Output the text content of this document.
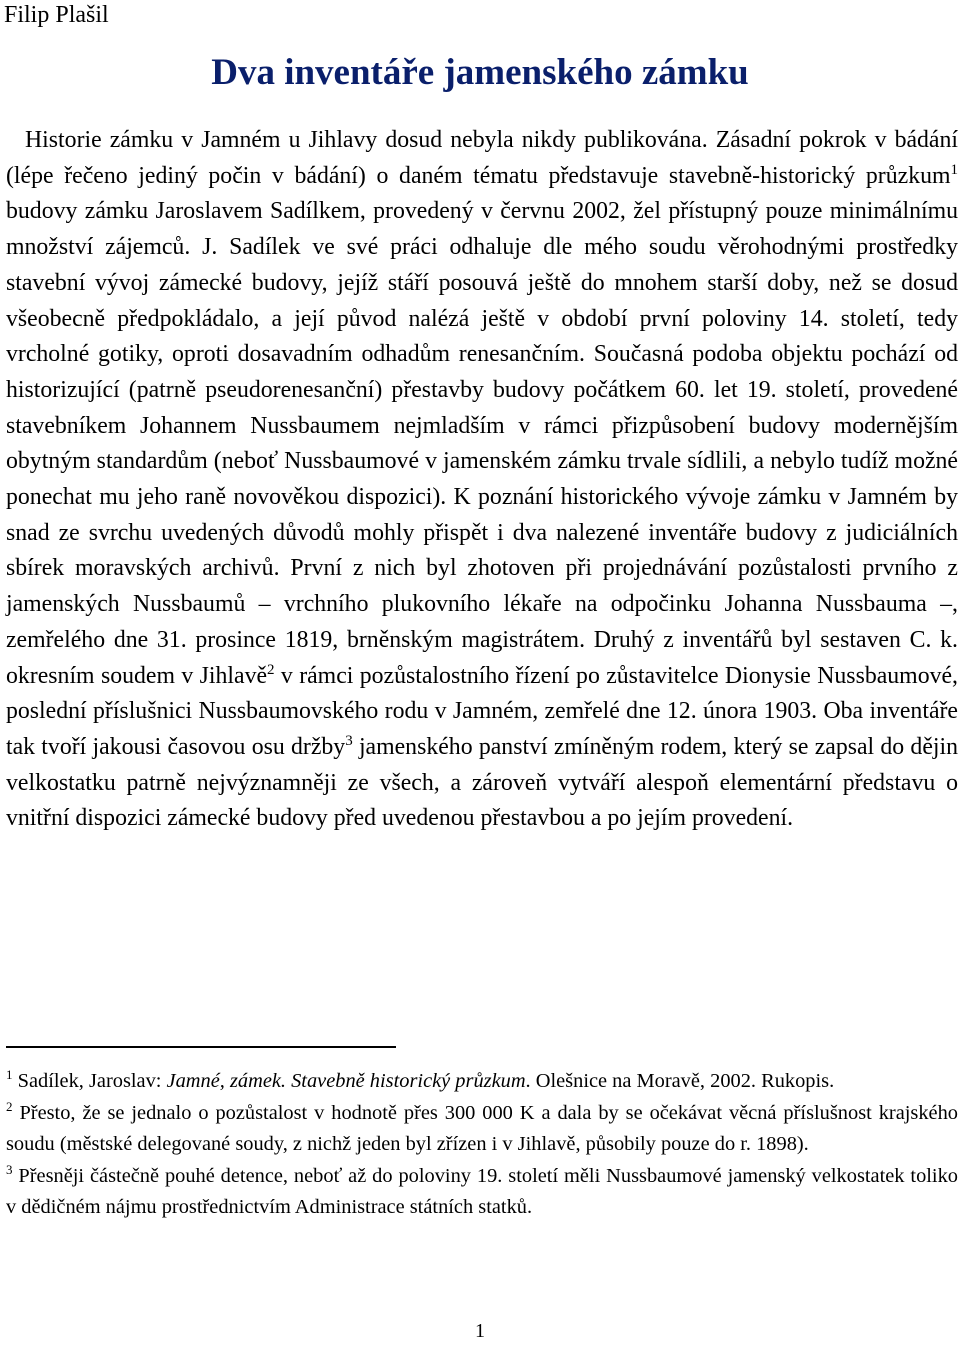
Filip Plašil
Dva inventáře jamenského zámku

Historie zámku v Jamném u Jihlavy dosud nebyla nikdy publikována. Zásadní pokrok v bádání (lépe řečeno jediný počin v bádání) o daném tématu představuje stavebně-historický průzkum$^1$ budovy zámku Jaroslavem Sadílkem, provedený v červnu 2002, žel přístupný pouze minimálnímu množství zájemců. J. Sadílek ve své práci odhaluje dle mého soudu věrohodnými prostředky stavební vývoj zámecké budovy, jejíž stáří posouvá ještě do mnohem starší doby, než se dosud všeobecně předpokládalo, a její původ nalézá ještě v období první poloviny 14. století, tedy vrcholné gotiky, oproti dosavadním odhadům renesančním. Současná podoba objektu pochází od historizující (patrně pseudorenesanční) přestavby budovy počátkem 60. let 19. století, provedené stavebníkem Johannem Nussbaumem nejmladším v rámci přizpůsobení budovy modernějším obytným standardům (neboť Nussbaumové v jamenském zámku trvale sídlili, a nebylo tudíž možné ponechat mu jeho raně novověkou dispozici). K poznání historického vývoje zámku v Jamném by snad ze svrchu uvedených důvodů mohly přispět i dva nalezené inventáře budovy z judiciálních sbírek moravských archivů. První z nich byl zhotoven při projednávání pozůstalosti prvního z jamenských Nussbaumů – vrchního plukovního lékaře na odpočinku Johanna Nussbauma –, zemřelého dne 31. prosince 1819, brněnským magistrátem. Druhý z inventářů byl sestaven C. k. okresním soudem v Jihlavě$^2$ v rámci pozůstalostního řízení po zůstavitelce Dionysie Nussbaumové, poslední příslušnici Nussbaumovského rodu v Jamném, zemřelé dne 12. února 1903. Oba inventáře tak tvoří jakousi časovou osu držby$^3$ jamenského panství zmíněným rodem, který se zapsal do dějin velkostatku patrně nejvýznamněji ze všech, a zároveň vytváří alespoň elementární představu o vnitřní dispozici zámecké budovy před uvedenou přestavbou a po jejím provedení.

$^1$ Sadílek, Jaroslav: Jamné, zámek. Stavebně historický průzkum. Olešnice na Moravě, 2002. Rukopis.

$^2$ Přesto, že se jednalo o pozůstalost v hodnotě přes 300 000 K a dala by se očekávat věcná příslušnost krajského soudu (městské delegované soudy, z nichž jeden byl zřízen i v Jihlavě, působily pouze do r. 1898).

$^3$ Přesněji částečně pouhé detence, neboť až do poloviny 19. století měli Nussbaumové jamenský velkostatek toliko v dědičném nájmu prostřednictvím Administrace státních statků.

1
